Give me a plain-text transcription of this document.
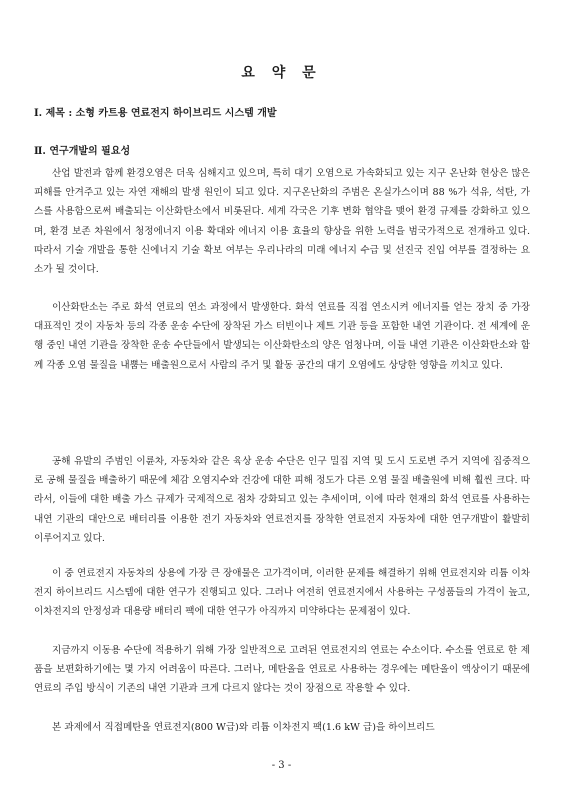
요 약 문
Ⅰ. 제목 : 소형 카트용 연료전지 하이브리드 시스템 개발
Ⅱ. 연구개발의 필요성
산업 발전과 함께 환경오염은 더욱 심해지고 있으며, 특히 대기 오염으로 가속화되고 있는 지구 온난화 현상은 많은 피해를 안겨주고 있는 자연 재해의 발생 원인이 되고 있다. 지구온난화의 주범은 온실가스이며 88 %가 석유, 석탄, 가스를 사용함으로써 배출되는 이산화탄소에서 비롯된다. 세계 각국은 기후 변화 협약을 맺어 환경 규제를 강화하고 있으며, 환경 보존 차원에서 청정에너지 이용 확대와 에너지 이용 효율의 향상을 위한 노력을 범국가적으로 전개하고 있다. 따라서 기술 개발을 통한 신에너지 기술 확보 여부는 우리나라의 미래 에너지 수급 및 선진국 진입 여부를 결정하는 요소가 될 것이다.
이산화탄소는 주로 화석 연료의 연소 과정에서 발생한다. 화석 연료를 직접 연소시켜 에너지를 얻는 장치 중 가장 대표적인 것이 자동차 등의 각종 운송 수단에 장착된 가스 터빈이나 제트 기관 등을 포함한 내연 기관이다. 전 세계에 운행 중인 내연 기관을 장착한 운송 수단들에서 발생되는 이산화탄소의 양은 엄청나며, 이들 내연 기관은 이산화탄소와 함께 각종 오염 물질을 내뿜는 배출원으로서 사람의 주거 및 활동 공간의 대기 오염에도 상당한 영향을 끼치고 있다.
공해 유발의 주범인 이륜차, 자동차와 같은 육상 운송 수단은 인구 밀집 지역 및 도시 도로변 주거 지역에 집중적으로 공해 물질을 배출하기 때문에 체감 오염지수와 건강에 대한 피해 정도가 다른 오염 물질 배출원에 비해 훨씬 크다. 따라서, 이들에 대한 배출 가스 규제가 국제적으로 점차 강화되고 있는 추세이며, 이에 따라 현재의 화석 연료를 사용하는 내연 기관의 대안으로 배터리를 이용한 전기 자동차와 연료전지를 장착한 연료전지 자동차에 대한 연구개발이 활발히 이루어지고 있다.
이 중 연료전지 자동차의 상용에 가장 큰 장애물은 고가격이며, 이러한 문제를 해결하기 위해 연료전지와 리튬 이차전지 하이브리드 시스템에 대한 연구가 진행되고 있다. 그러나 여전히 연료전지에서 사용하는 구성품들의 가격이 높고, 이차전지의 안정성과 대용량 배터리 팩에 대한 연구가 아직까지 미약하다는 문제점이 있다.
지금까지 이동용 수단에 적용하기 위해 가장 일반적으로 고려된 연료전지의 연료는 수소이다. 수소를 연료로 한 제품을 보편화하기에는 몇 가지 어려움이 따른다. 그러나, 메탄올을 연료로 사용하는 경우에는 메탄올이 액상이기 때문에 연료의 주입 방식이 기존의 내연 기관과 크게 다르지 않다는 것이 장점으로 작용할 수 있다.
본 과제에서 직접메탄올 연료전지(800 W급)와 리튬 이차전지 팩(1.6 kW 급)을 하이브리드
- 3 -
